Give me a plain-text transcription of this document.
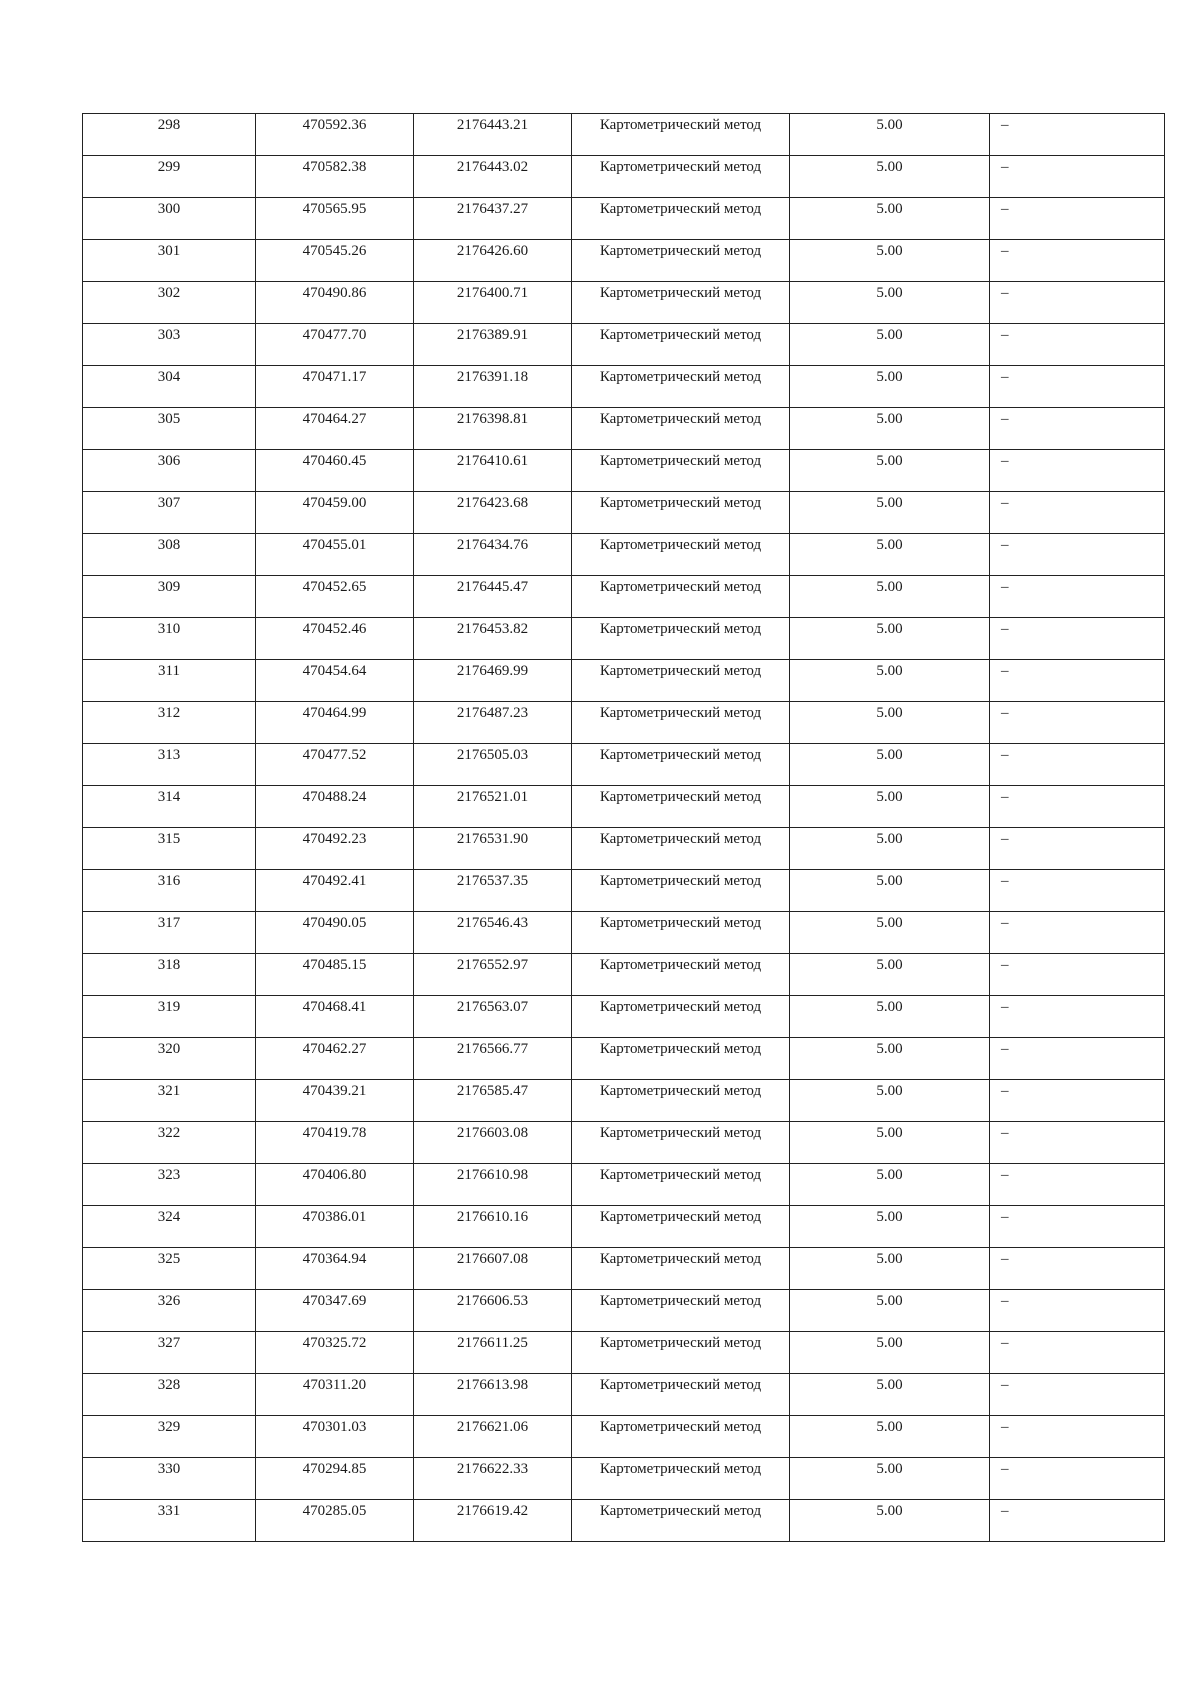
298	470592.36	2176443.21	Картометрический метод	5.00	–

299	470582.38	2176443.02	Картометрический метод	5.00	–

300	470565.95	2176437.27	Картометрический метод	5.00	–

301	470545.26	2176426.60	Картометрический метод	5.00	–

302	470490.86	2176400.71	Картометрический метод	5.00	–

303	470477.70	2176389.91	Картометрический метод	5.00	–

304	470471.17	2176391.18	Картометрический метод	5.00	–

305	470464.27	2176398.81	Картометрический метод	5.00	–

306	470460.45	2176410.61	Картометрический метод	5.00	–

307	470459.00	2176423.68	Картометрический метод	5.00	–

308	470455.01	2176434.76	Картометрический метод	5.00	–

309	470452.65	2176445.47	Картометрический метод	5.00	–

310	470452.46	2176453.82	Картометрический метод	5.00	–

311	470454.64	2176469.99	Картометрический метод	5.00	–

312	470464.99	2176487.23	Картометрический метод	5.00	–

313	470477.52	2176505.03	Картометрический метод	5.00	–

314	470488.24	2176521.01	Картометрический метод	5.00	–

315	470492.23	2176531.90	Картометрический метод	5.00	–

316	470492.41	2176537.35	Картометрический метод	5.00	–

317	470490.05	2176546.43	Картометрический метод	5.00	–

318	470485.15	2176552.97	Картометрический метод	5.00	–

319	470468.41	2176563.07	Картометрический метод	5.00	–

320	470462.27	2176566.77	Картометрический метод	5.00	–

321	470439.21	2176585.47	Картометрический метод	5.00	–

322	470419.78	2176603.08	Картометрический метод	5.00	–

323	470406.80	2176610.98	Картометрический метод	5.00	–

324	470386.01	2176610.16	Картометрический метод	5.00	–

325	470364.94	2176607.08	Картометрический метод	5.00	–

326	470347.69	2176606.53	Картометрический метод	5.00	–

327	470325.72	2176611.25	Картометрический метод	5.00	–

328	470311.20	2176613.98	Картометрический метод	5.00	–

329	470301.03	2176621.06	Картометрический метод	5.00	–

330	470294.85	2176622.33	Картометрический метод	5.00	–

331	470285.05	2176619.42	Картометрический метод	5.00	–
